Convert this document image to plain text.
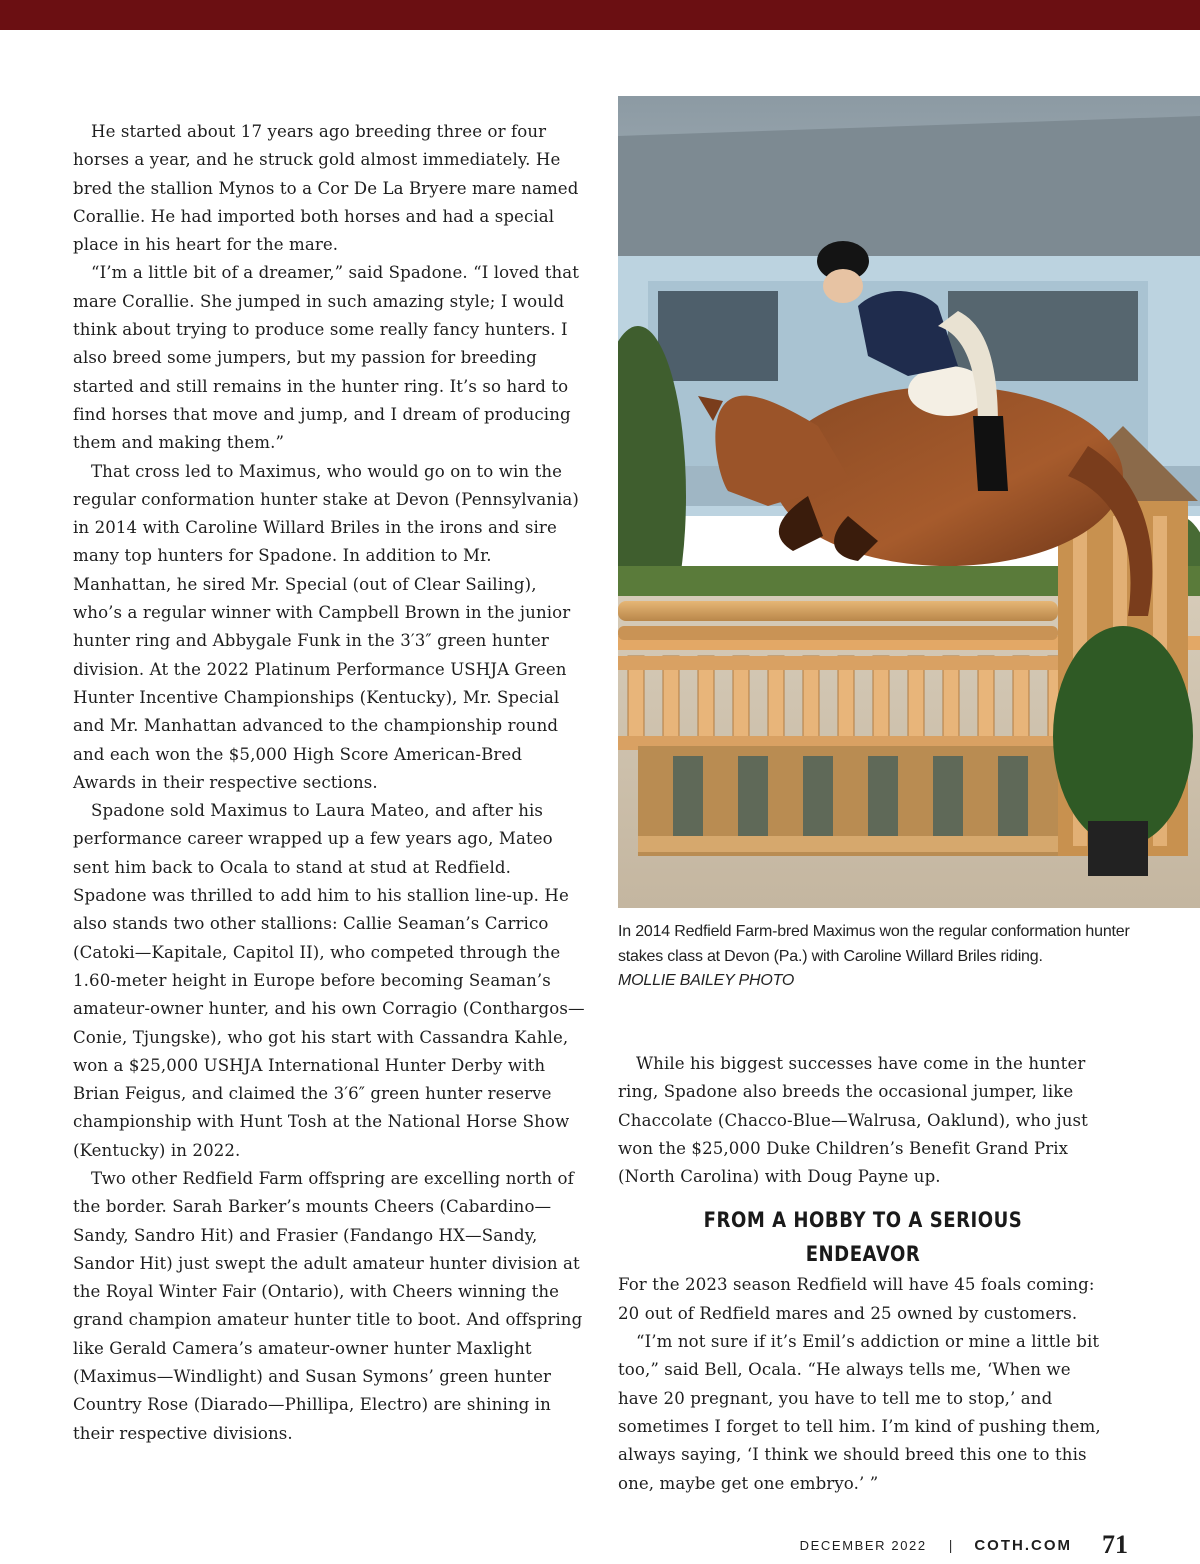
He started about 17 years ago breeding three or four horses a year, and he struck gold almost immediately. He bred the stallion Mynos to a Cor De La Bryere mare named Corallie. He had imported both horses and had a special place in his heart for the mare.

“I’m a little bit of a dreamer,” said Spadone. “I loved that mare Corallie. She jumped in such amazing style; I would think about trying to produce some really fancy hunters. I also breed some jumpers, but my passion for breeding started and still remains in the hunter ring. It’s so hard to find horses that move and jump, and I dream of producing them and making them.”

That cross led to Maximus, who would go on to win the regular conformation hunter stake at Devon (Pennsylvania) in 2014 with Caroline Willard Briles in the irons and sire many top hunters for Spadone. In addition to Mr. Manhattan, he sired Mr. Special (out of Clear Sailing), who’s a regular winner with Campbell Brown in the junior hunter ring and Abbygale Funk in the 3′3″ green hunter division. At the 2022 Platinum Performance USHJA Green Hunter Incentive Championships (Kentucky), Mr. Special and Mr. Manhattan advanced to the championship round and each won the $5,000 High Score American-Bred Awards in their respective sections.

Spadone sold Maximus to Laura Mateo, and after his performance career wrapped up a few years ago, Mateo sent him back to Ocala to stand at stud at Redfield. Spadone was thrilled to add him to his stallion line-up. He also stands two other stallions: Callie Seaman’s Carrico (Catoki—Kapitale, Capitol II), who competed through the 1.60-meter height in Europe before becoming Seaman’s amateur-owner hunter, and his own Corragio (Conthargos—Conie, Tjungske), who got his start with Cassandra Kahle, won a $25,000 USHJA International Hunter Derby with Brian Feigus, and claimed the 3′6″ green hunter reserve championship with Hunt Tosh at the National Horse Show (Kentucky) in 2022.

Two other Redfield Farm offspring are excelling north of the border. Sarah Barker’s mounts Cheers (Cabardino—Sandy, Sandro Hit) and Frasier (Fandango HX—Sandy, Sandor Hit) just swept the adult amateur hunter division at the Royal Winter Fair (Ontario), with Cheers winning the grand champion amateur hunter title to boot. And offspring like Gerald Camera’s amateur-owner hunter Maxlight (Maximus—Windlight) and Susan Symons’ green hunter Country Rose (Diarado—Phillipa, Electro) are shining in their respective divisions.

In 2014 Redfield Farm-bred Maximus won the regular conformation hunter stakes class at Devon (Pa.) with Caroline Willard Briles riding.
MOLLIE BAILEY PHOTO

While his biggest successes have come in the hunter ring, Spadone also breeds the occasional jumper, like Chaccolate (Chacco-Blue—Walrusa, Oaklund), who just won the $25,000 Duke Children’s Benefit Grand Prix (North Carolina) with Doug Payne up.

FROM A HOBBY TO A SERIOUS ENDEAVOR

For the 2023 season Redfield will have 45 foals coming: 20 out of Redfield mares and 25 owned by customers.

“I’m not sure if it’s Emil’s addiction or mine a little bit too,” said Bell, Ocala. “He always tells me, ‘When we have 20 pregnant, you have to tell me to stop,’ and sometimes I forget to tell him. I’m kind of pushing them, always saying, ‘I think we should breed this one to this one, maybe get one embryo.’ ”

DECEMBER 2022 | COTH.COM 71
